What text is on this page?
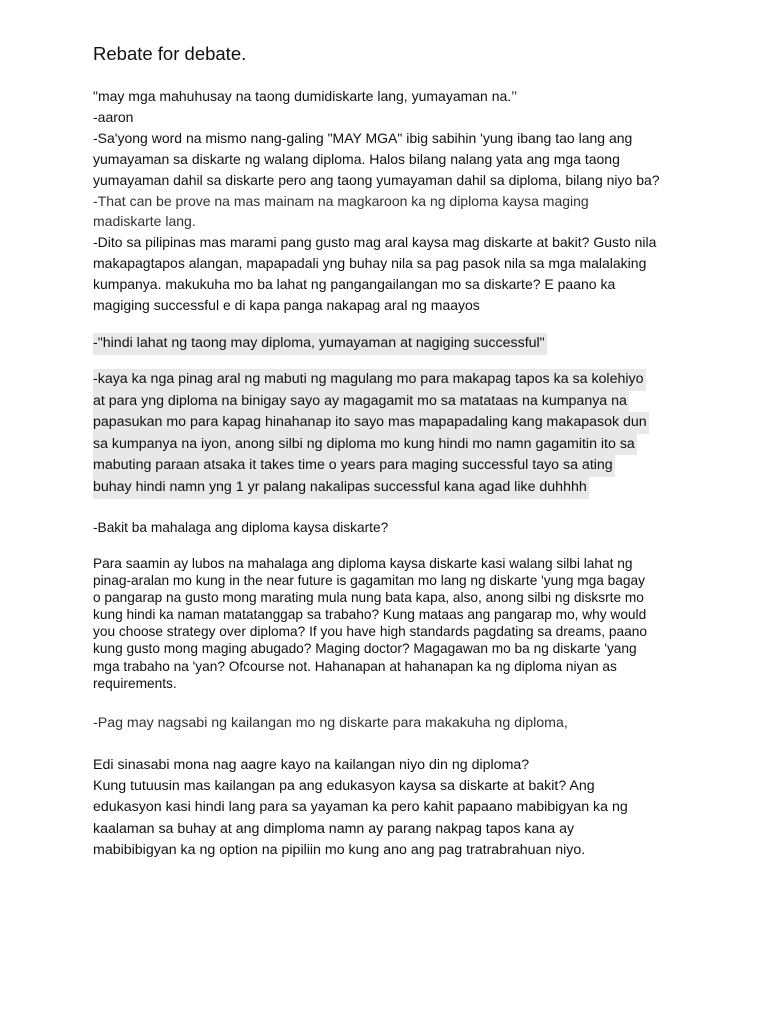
Rebate for debate.
"may mga mahuhusay na taong dumidiskarte lang, yumayaman na.’’
-aaron
-Sa'yong word na mismo nang-galing "MAY MGA" ibig sabihin 'yung ibang tao lang ang
yumayaman sa diskarte ng walang diploma. Halos bilang nalang yata ang mga taong
yumayaman dahil sa diskarte pero ang taong yumayaman dahil sa diploma, bilang niyo ba?
-That can be prove na mas mainam na magkaroon ka ng diploma kaysa maging
madiskarte lang.
-Dito sa pilipinas mas marami pang gusto mag aral kaysa mag diskarte at bakit? Gusto nila
makapagtapos alangan, mapapadali yng buhay nila sa pag pasok nila sa mga malalaking
kumpanya. makukuha mo ba lahat ng pangangailangan mo sa diskarte? E paano ka
magiging successful e di kapa panga nakapag aral ng maayos
-"hindi lahat ng taong may diploma, yumayaman at nagiging successful"
-kaya ka nga pinag aral ng mabuti ng magulang mo para makapag tapos ka sa kolehiyo
at para yng diploma na binigay sayo ay magagamit mo sa matataas na kumpanya na
papasukan mo para kapag hinahanap ito sayo mas mapapadaling kang makapasok dun
sa kumpanya na iyon, anong silbi ng diploma mo kung hindi mo namn gagamitin ito sa
mabuting paraan atsaka it takes time o years para maging successful tayo sa ating
buhay hindi namn yng 1 yr palang nakalipas successful kana agad like duhhhh
-Bakit ba mahalaga ang diploma kaysa diskarte?
Para saamin ay lubos na mahalaga ang diploma kaysa diskarte kasi walang silbi lahat ng
pinag-aralan mo kung in the near future is gagamitan mo lang ng diskarte 'yung mga bagay
o pangarap na gusto mong marating mula nung bata kapa, also, anong silbi ng disksrte mo
kung hindi ka naman matatanggap sa trabaho? Kung mataas ang pangarap mo, why would
you choose strategy over diploma? If you have high standards pagdating sa dreams, paano
kung gusto mong maging abugado? Maging doctor? Magagawan mo ba ng diskarte 'yang
mga trabaho na 'yan? Ofcourse not. Hahanapan at hahanapan ka ng diploma niyan as
requirements.
-Pag may nagsabi ng kailangan mo ng diskarte para makakuha ng diploma,
Edi sinasabi mona nag aagre kayo na kailangan niyo din ng diploma?
Kung tutuusin mas kailangan pa ang edukasyon kaysa sa diskarte at bakit? Ang
edukasyon kasi hindi lang para sa yayaman ka pero kahit papaano mabibigyan ka ng
kaalaman sa buhay at ang dimploma namn ay parang nakpag tapos kana ay
mabibibigyan ka ng option na pipiliin mo kung ano ang pag tratrabrahuan niyo.
